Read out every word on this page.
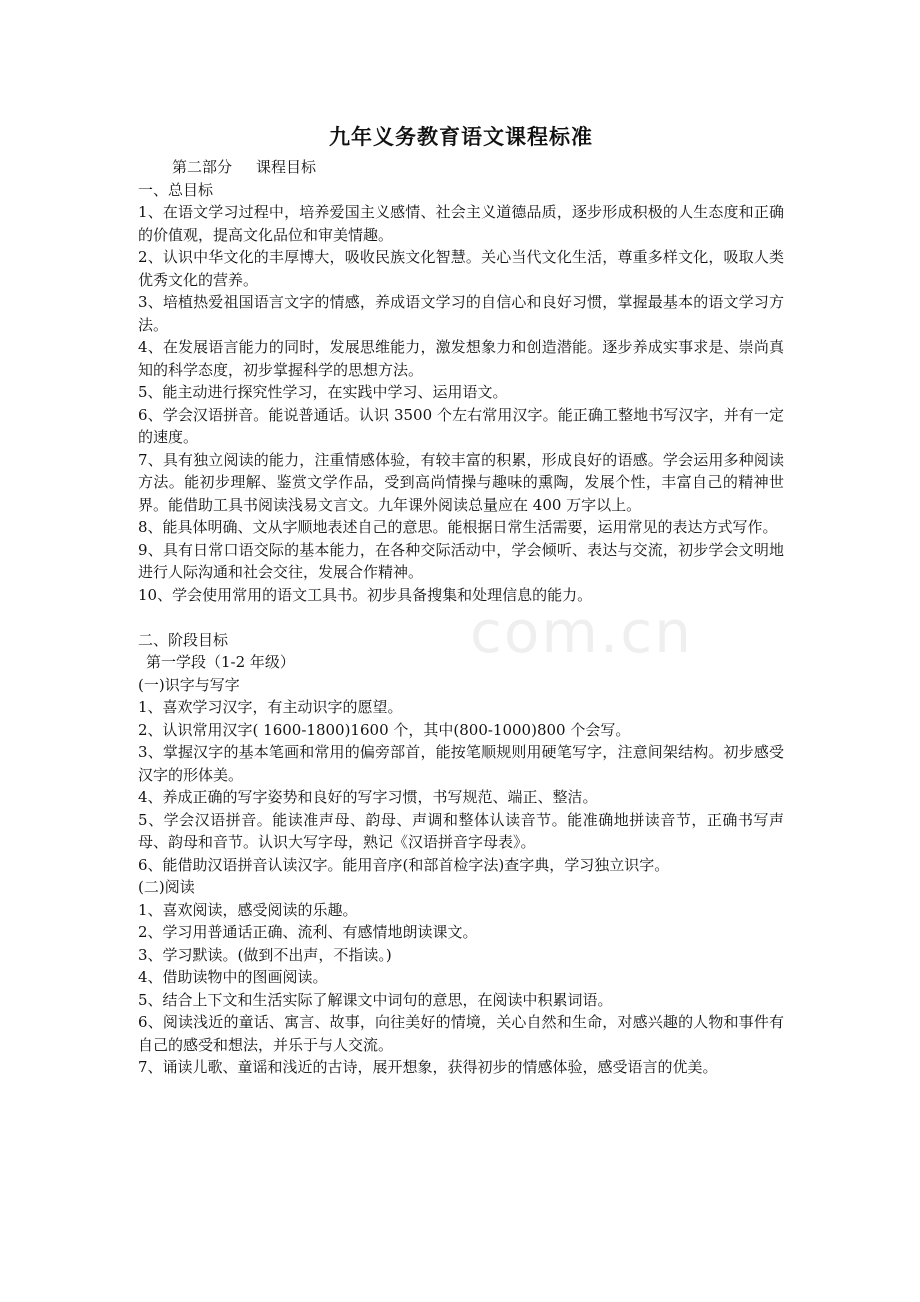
com.cn
九年义务教育语文课程标准

第二部分 课程目标

一、总目标

1、在语文学习过程中，培养爱国主义感情、社会主义道德品质，逐步形成积极的人生态度和正确的价值观，提高文化品位和审美情趣。

2、认识中华文化的丰厚博大，吸收民族文化智慧。关心当代文化生活，尊重多样文化，吸取人类优秀文化的营养。

3、培植热爱祖国语言文字的情感，养成语文学习的自信心和良好习惯，掌握最基本的语文学习方法。

4、在发展语言能力的同时，发展思维能力，激发想象力和创造潜能。逐步养成实事求是、崇尚真知的科学态度，初步掌握科学的思想方法。

5、能主动进行探究性学习，在实践中学习、运用语文。

6、学会汉语拼音。能说普通话。认识 3500 个左右常用汉字。能正确工整地书写汉字，并有一定的速度。

7、具有独立阅读的能力，注重情感体验，有较丰富的积累，形成良好的语感。学会运用多种阅读方法。能初步理解、鉴赏文学作品，受到高尚情操与趣味的熏陶，发展个性，丰富自己的精神世界。能借助工具书阅读浅易文言文。九年课外阅读总量应在 400 万字以上。

8、能具体明确、文从字顺地表述自己的意思。能根据日常生活需要，运用常见的表达方式写作。

9、具有日常口语交际的基本能力，在各种交际活动中，学会倾听、表达与交流，初步学会文明地进行人际沟通和社会交往，发展合作精神。

10、学会使用常用的语文工具书。初步具备搜集和处理信息的能力。

二、阶段目标

第一学段（1-2 年级）

(一)识字与写字

1、喜欢学习汉字，有主动识字的愿望。

2、认识常用汉字( 1600-1800)1600 个，其中(800-1000)800 个会写。

3、掌握汉字的基本笔画和常用的偏旁部首，能按笔顺规则用硬笔写字，注意间架结构。初步感受汉字的形体美。

4、养成正确的写字姿势和良好的写字习惯，书写规范、端正、整洁。

5、学会汉语拼音。能读准声母、韵母、声调和整体认读音节。能准确地拼读音节，正确书写声母、韵母和音节。认识大写字母，熟记《汉语拼音字母表》。

6、能借助汉语拼音认读汉字。能用音序(和部首检字法)查字典，学习独立识字。

(二)阅读

1、喜欢阅读，感受阅读的乐趣。

2、学习用普通话正确、流利、有感情地朗读课文。

3、学习默读。(做到不出声，不指读。)

4、借助读物中的图画阅读。

5、结合上下文和生活实际了解课文中词句的意思，在阅读中积累词语。

6、阅读浅近的童话、寓言、故事，向往美好的情境，关心自然和生命，对感兴趣的人物和事件有自己的感受和想法，并乐于与人交流。

7、诵读儿歌、童谣和浅近的古诗，展开想象，获得初步的情感体验，感受语言的优美。
